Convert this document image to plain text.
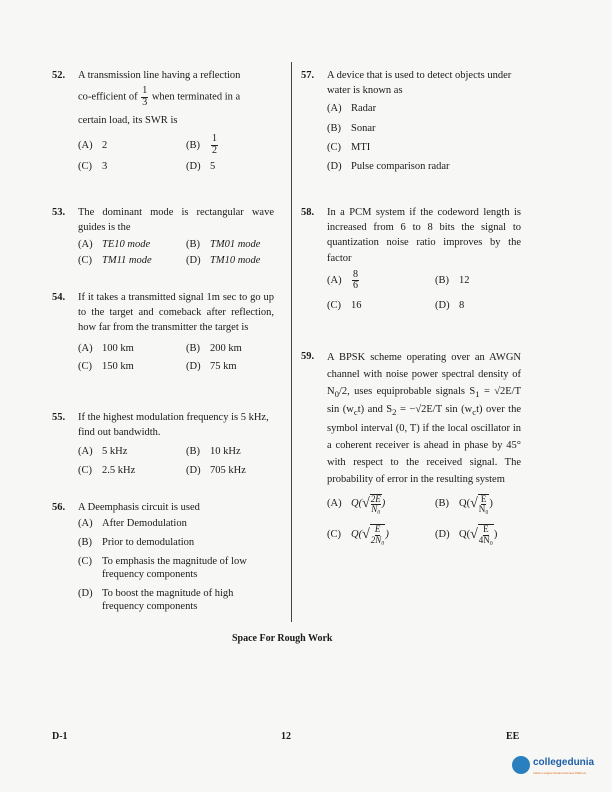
52.	A transmission line having a reflection
co-efficient of $\frac{1}{3}$ when terminated in a
certain load, its SWR is
(A) 2	(B)	$\frac{1}{2}$
(C) 3	(D) 5
53.	The dominant mode is rectangular wave guides is the
(A) TE10 mode	(B) TM01 mode
(C) TM11 mode	(D) TM10 mode
54.	If it takes a transmitted signal 1m sec to go up to the target and comeback after reflection, how far from the transmitter the target is
(A) 100 km	(B) 200 km
(C) 150 km	(D) 75 km
55.	If the highest modulation frequency is 5 kHz, find out bandwidth.
(A) 5 kHz	(B) 10 kHz
(C) 2.5 kHz	(D) 705 kHz
56.	A Deemphasis circuit is used
(A) After Demodulation
(B) Prior to demodulation
(C) To emphasis the magnitude of low frequency components
(D) To boost the magnitude of high frequency components
57.	A device that is used to detect objects under water is known as
(A) Radar
(B) Sonar
(C) MTI
(D) Pulse comparison radar
58.	In a PCM system if the codeword length is increased from 6 to 8 bits the signal to quantization noise ratio improves by the factor
(A)	$\frac{8}{6}$	(B) 12
(C) 16	(D) 8
59.	A BPSK scheme operating over an AWGN channel with noise power spectral density of $N_0/2$, uses equiprobable signals $S_1 = √2E/T$ $\sin (w_ct)$ and $S_2 = -√2E/T$ $\sin (w_ct)$ over the symbol interval (0, T) if the local oscillator in a coherent receiver is ahead in phase by 45° with respect to the received signal. The probability of error in the resulting system
(A) Q( √ 2E
N₀ )	(B) Q( √ E
N₀ )
(C) Q( √ E
2N₀ )	(D) Q( √ E
4N₀ )
Space For Rough Work
D-1	12	EE
collegedunia
India's Largest Student Review Platform
